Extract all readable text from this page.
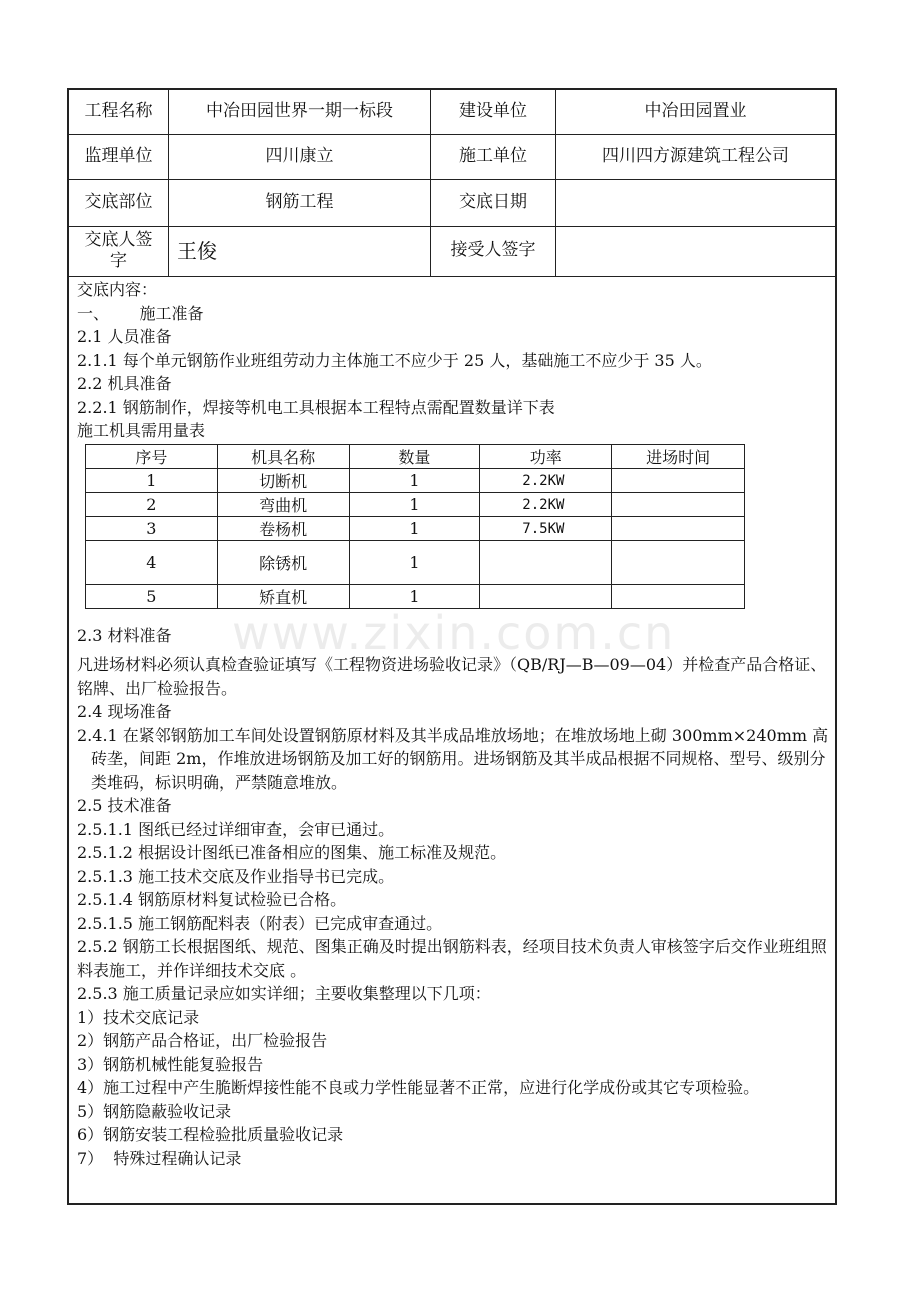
工程名称	中冶田园世界一期一标段	建设单位	中冶田园置业
监理单位	四川康立	施工单位	四川四方源建筑工程公司
交底部位	钢筋工程	交底日期
交底人签字	王俊	接受人签字
交底内容：
一、      施工准备
2.1 人员准备
2.1.1 每个单元钢筋作业班组劳动力主体施工不应少于 25 人，基础施工不应少于 35 人。
2.2 机具准备
2.2.1 钢筋制作，焊接等机电工具根据本工程特点需配置数量详下表
施工机具需用量表
2.3 材料准备
凡进场材料必须认真检查验证填写《工程物资进场验收记录》（QB/RJ—B—09—04）并检查产品合格证、铭牌、出厂检验报告。
2.4 现场准备
2.4.1 在紧邻钢筋加工车间处设置钢筋原材料及其半成品堆放场地；在堆放场地上砌 300mm×240mm 高砖垄，间距 2m，作堆放进场钢筋及加工好的钢筋用。进场钢筋及其半成品根据不同规格、型号、级别分类堆码，标识明确，严禁随意堆放。
2.5 技术准备
2.5.1.1 图纸已经过详细审查，会审已通过。
2.5.1.2 根据设计图纸已准备相应的图集、施工标准及规范。
2.5.1.3 施工技术交底及作业指导书已完成。
2.5.1.4 钢筋原材料复试检验已合格。
2.5.1.5 施工钢筋配料表（附表）已完成审查通过。
2.5.2 钢筋工长根据图纸、规范、图集正确及时提出钢筋料表，经项目技术负责人审核签字后交作业班组照料表施工，并作详细技术交底 。
2.5.3 施工质量记录应如实详细；主要收集整理以下几项：
1）技术交底记录
2）钢筋产品合格证，出厂检验报告
3）钢筋机械性能复验报告
4）施工过程中产生脆断焊接性能不良或力学性能显著不正常，应进行化学成份或其它专项检验。
5）钢筋隐蔽验收记录
6）钢筋安装工程检验批质量验收记录
7）  特殊过程确认记录
序号	机具名称	数量	功率	进场时间
1	切断机	1	2.2KW	
2	弯曲机	1	2.2KW	
3	卷杨机	1	7.5KW	
4	除锈机	1		
5	矫直机	1		
www.zixin.com.cn
